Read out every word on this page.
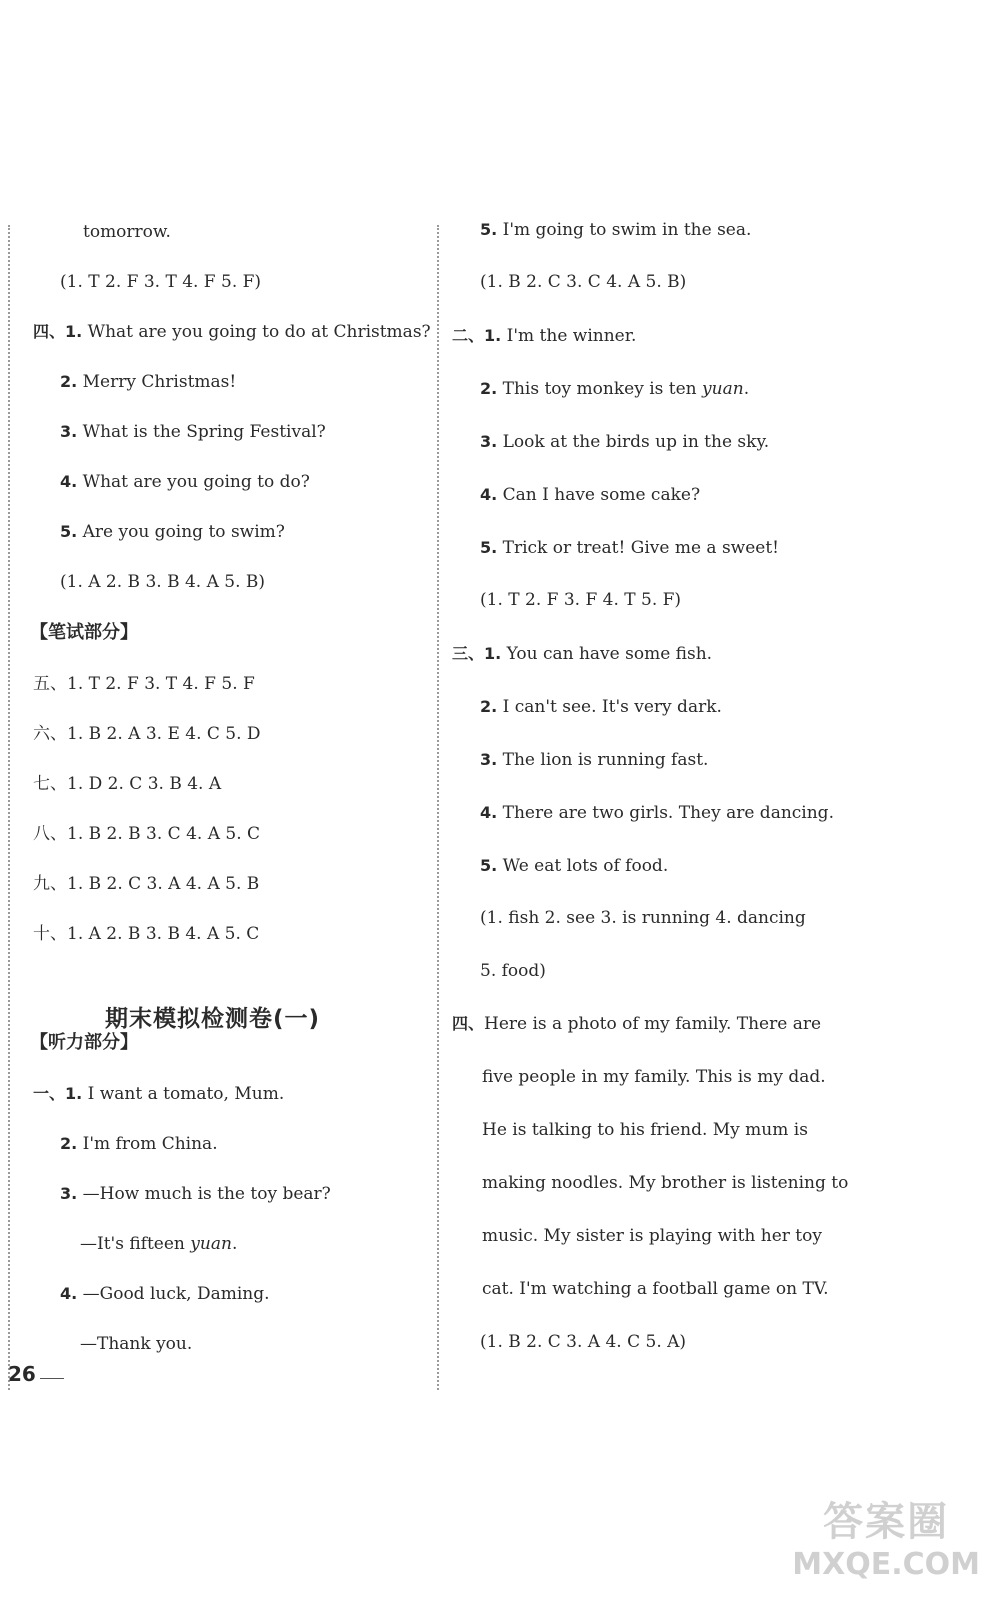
tomorrow.
(1. T 2. F 3. T 4. F 5. F)
四、1. What are you going to do at Christmas?
2. Merry Christmas!
3. What is the Spring Festival?
4. What are you going to do?
5. Are you going to swim?
(1. A 2. B 3. B 4. A 5. B)
【笔试部分】
五、1. T 2. F 3. T 4. F 5. F
六、1. B 2. A 3. E 4. C 5. D
七、1. D 2. C 3. B 4. A
八、1. B 2. B 3. C 4. A 5. C
九、1. B 2. C 3. A 4. A 5. B
十、1. A 2. B 3. B 4. A 5. C
期末模拟检测卷(一)
【听力部分】
一、1. I want a tomato, Mum.
2. I'm from China.
3. —How much is the toy bear?
—It's fifteen yuan.
4. —Good luck, Daming.
—Thank you.
26
5. I'm going to swim in the sea.
(1. B 2. C 3. C 4. A 5. B)
二、1. I'm the winner.
2. This toy monkey is ten yuan.
3. Look at the birds up in the sky.
4. Can I have some cake?
5. Trick or treat! Give me a sweet!
(1. T 2. F 3. F 4. T 5. F)
三、1. You can have some fish.
2. I can't see. It's very dark.
3. The lion is running fast.
4. There are two girls. They are dancing.
5. We eat lots of food.
(1. fish 2. see 3. is running 4. dancing
5. food)
四、Here is a photo of my family. There are
five people in my family. This is my dad.
He is talking to his friend. My mum is
making noodles. My brother is listening to
music. My sister is playing with her toy
cat. I'm watching a football game on TV.
(1. B 2. C 3. A 4. C 5. A)
答案圈
MXQE.COM
